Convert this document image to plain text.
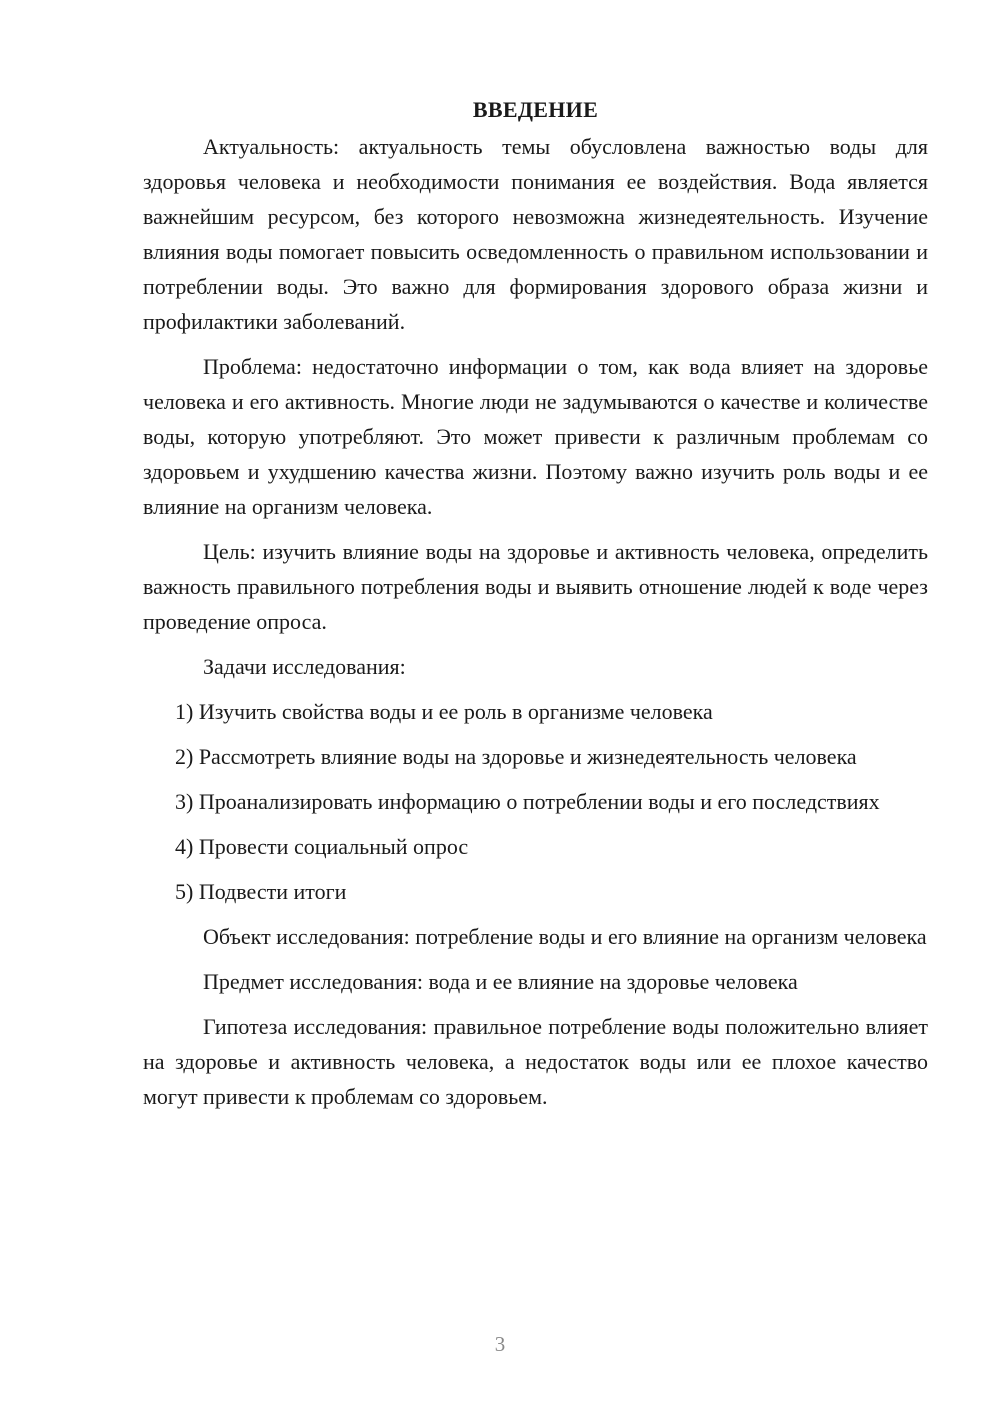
ВВЕДЕНИЕ

Актуальность: актуальность темы обусловлена важностью воды для здоровья человека и необходимости понимания ее воздействия. Вода является важнейшим ресурсом, без которого невозможна жизнедеятельность. Изучение влияния воды помогает повысить осведомленность о правильном использовании и потреблении воды. Это важно для формирования здорового образа жизни и профилактики заболеваний.

Проблема: недостаточно информации о том, как вода влияет на здоровье человека и его активность. Многие люди не задумываются о качестве и количестве воды, которую употребляют. Это может привести к различным проблемам со здоровьем и ухудшению качества жизни. Поэтому важно изучить роль воды и ее влияние на организм человека.

Цель: изучить влияние воды на здоровье и активность человека, определить важность правильного потребления воды и выявить отношение людей к воде через проведение опроса.

Задачи исследования:

1) Изучить свойства воды и ее роль в организме человека

2) Рассмотреть влияние воды на здоровье и жизнедеятельность человека

3) Проанализировать информацию о потреблении воды и его последствиях

4) Провести социальный опрос

5) Подвести итоги

Объект исследования: потребление воды и его влияние на организм человека

Предмет исследования: вода и ее влияние на здоровье человека

Гипотеза исследования: правильное потребление воды положительно влияет на здоровье и активность человека, а недостаток воды или ее плохое качество могут привести к проблемам со здоровьем.

3
